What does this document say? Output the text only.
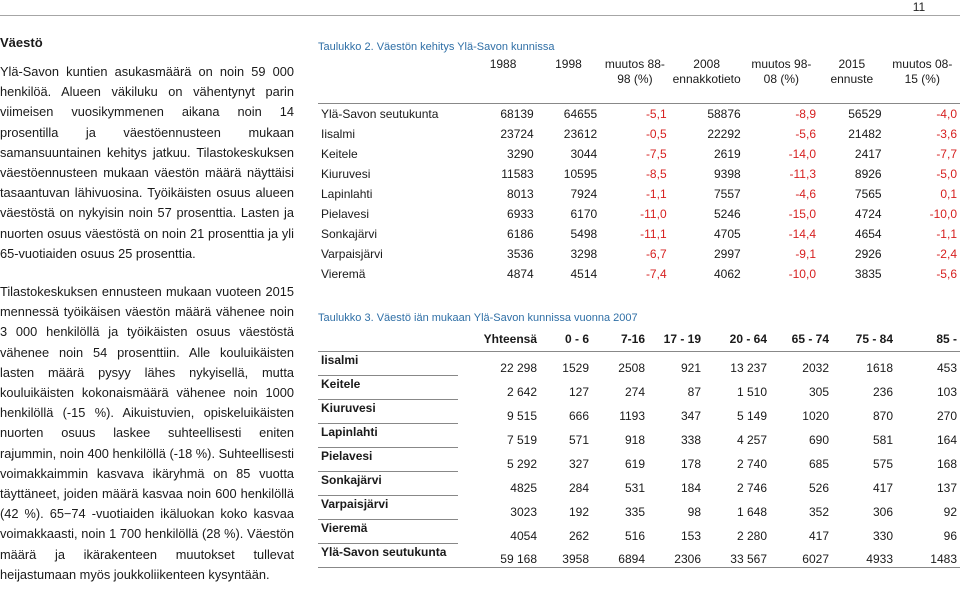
11
Väestö

Ylä-Savon kuntien asukasmäärä on noin 59 000 henkilöä. Alueen väkiluku on vähentynyt parin viimeisen vuosikymmenen aikana noin 14 prosentilla ja väestöennusteen mukaan samansuuntainen kehitys jatkuu. Tilastokeskuksen väestöennusteen mukaan väestön määrä näyttäisi tasaantuvan lähivuosina. Työikäisten osuus alueen väestöstä on nykyisin noin 57 prosenttia. Lasten ja nuorten osuus väestöstä on noin 21 prosenttia ja yli 65-vuotiaiden osuus 25 prosenttia.

Tilastokeskuksen ennusteen mukaan vuoteen 2015 mennessä työikäisen väestön määrä vähenee noin 3 000 henkilöllä ja työikäisten osuus väestöstä vähenee noin 54 prosenttiin. Alle kouluikäisten lasten määrä pysyy lähes nykyisellä, mutta kouluikäisten kokonaismäärä vähenee noin 1000 henkilöllä (-15 %). Aikuistuvien, opiskeluikäisten nuorten osuus laskee suhteellisesti eniten rajummin, noin 400 henkilöllä (-18 %). Suhteellisesti voimakkaimmin kasvava ikäryhmä on 85 vuotta täyttäneet, joiden määrä kasvaa noin 600 henkilöllä (42 %). 65−74 -vuotiaiden ikäluokan koko kasvaa voimakkaasti, noin 1 700 henkilöllä (28 %). Väestön määrä ja ikärakenteen muutokset tullevat heijastumaan myös joukkoliikenteen kysyntään.

Taulukko 2. Väestön kehitys Ylä-Savon kunnissa
	1988	1998	muutos 88-98 (%)	2008 ennakkotieto	muutos 98-08 (%)	2015 ennuste	muutos 08-15 (%)
Ylä-Savon seutukunta	68139	64655	-5,1	58876	-8,9	56529	-4,0
Iisalmi	23724	23612	-0,5	22292	-5,6	21482	-3,6
Keitele	3290	3044	-7,5	2619	-14,0	2417	-7,7
Kiuruvesi	11583	10595	-8,5	9398	-11,3	8926	-5,0
Lapinlahti	8013	7924	-1,1	7557	-4,6	7565	0,1
Pielavesi	6933	6170	-11,0	5246	-15,0	4724	-10,0
Sonkajärvi	6186	5498	-11,1	4705	-14,4	4654	-1,1
Varpaisjärvi	3536	3298	-6,7	2997	-9,1	2926	-2,4
Vieremä	4874	4514	-7,4	4062	-10,0	3835	-5,6
Taulukko 3. Väestö iän mukaan Ylä-Savon kunnissa vuonna 2007
	Yhteensä	0 - 6	7-16	17 - 19	20 - 64	65 - 74	75 - 84	85 -
Iisalmi	22 298	1529	2508	921	13 237	2032	1618	453
Keitele	2 642	127	274	87	1 510	305	236	103
Kiuruvesi	9 515	666	1193	347	5 149	1020	870	270
Lapinlahti	7 519	571	918	338	4 257	690	581	164
Pielavesi	5 292	327	619	178	2 740	685	575	168
Sonkajärvi	4825	284	531	184	2 746	526	417	137
Varpaisjärvi	3023	192	335	98	1 648	352	306	92
Vieremä	4054	262	516	153	2 280	417	330	96
Ylä-Savon seutukunta	59 168	3958	6894	2306	33 567	6027	4933	1483
